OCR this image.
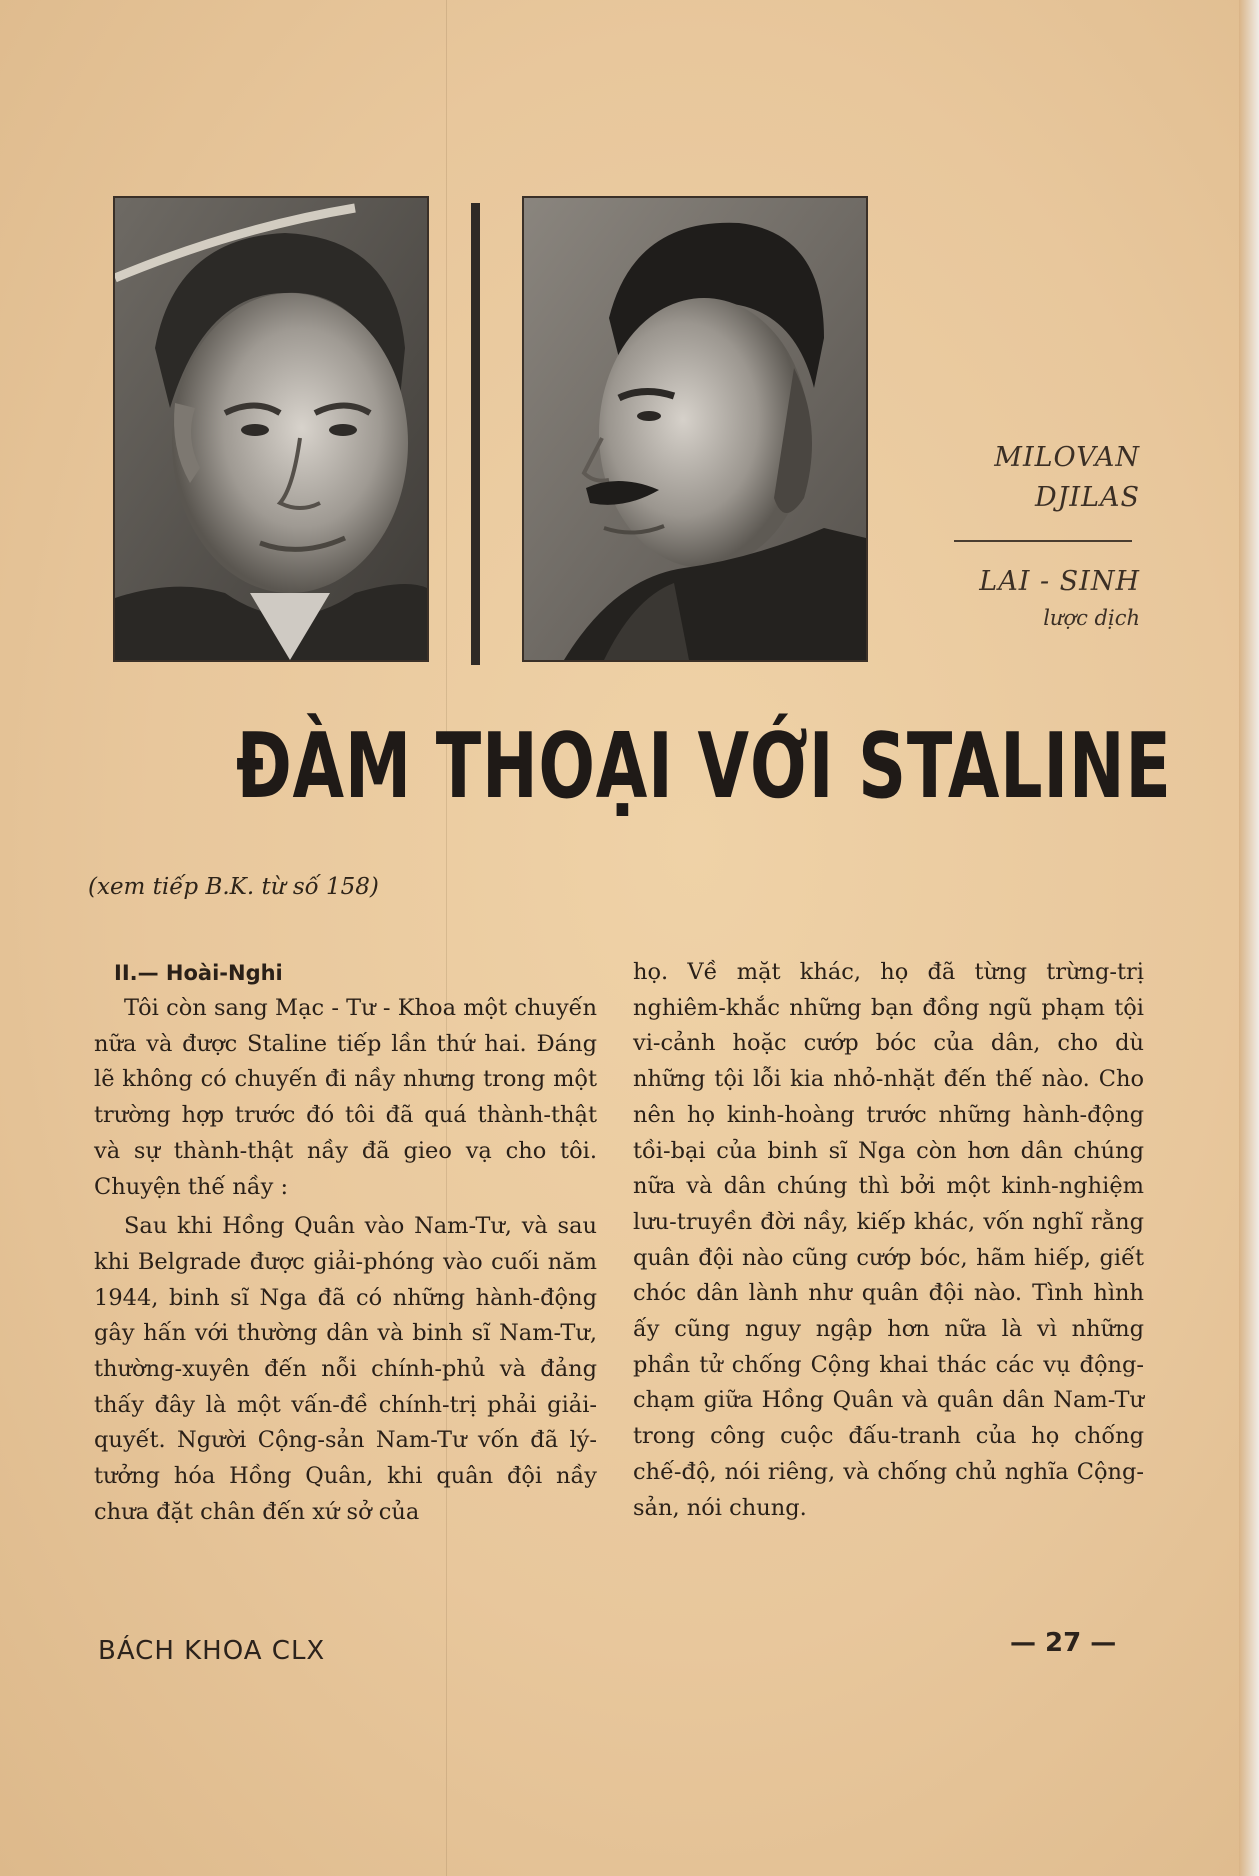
MILOVAN
DJILAS
LAI - SINH
lược dịch
ĐÀM THOẠI VỚI STALINE
(xem tiếp B.K. từ số 158)
II.— Hoài-Nghi

Tôi còn sang Mạc - Tư - Khoa một chuyến nữa và được Staline tiếp lần thứ hai. Đáng lẽ không có chuyến đi nầy nhưng trong một trường hợp trước đó tôi đã quá thành-thật và sự thành-thật nầy đã gieo vạ cho tôi. Chuyện thế nầy :

Sau khi Hồng Quân vào Nam-Tư, và sau khi Belgrade được giải-phóng vào cuối năm 1944, binh sĩ Nga đã có những hành-động gây hấn với thường dân và binh sĩ Nam-Tư, thường-xuyên đến nỗi chính-phủ và đảng thấy đây là một vấn-đề chính-trị phải giải-quyết. Người Cộng-sản Nam-Tư vốn đã lý-tưởng hóa Hồng Quân, khi quân đội nầy chưa đặt chân đến xứ sở của

họ. Về mặt khác, họ đã từng trừng-trị nghiêm-khắc những bạn đồng ngũ phạm tội vi-cảnh hoặc cướp bóc của dân, cho dù những tội lỗi kia nhỏ-nhặt đến thế nào. Cho nên họ kinh-hoàng trước những hành-động tồi-bại của binh sĩ Nga còn hơn dân chúng nữa và dân chúng thì bởi một kinh-nghiệm lưu-truyền đời nầy, kiếp khác, vốn nghĩ rằng quân đội nào cũng cướp bóc, hãm hiếp, giết chóc dân lành như quân đội nào. Tình hình ấy cũng nguy ngập hơn nữa là vì những phần tử chống Cộng khai thác các vụ động-chạm giữa Hồng Quân và quân dân Nam-Tư trong công cuộc đấu-tranh của họ chống chế-độ, nói riêng, và chống chủ nghĩa Cộng-sản, nói chung.

BÁCH KHOA CLX	— 27 —
